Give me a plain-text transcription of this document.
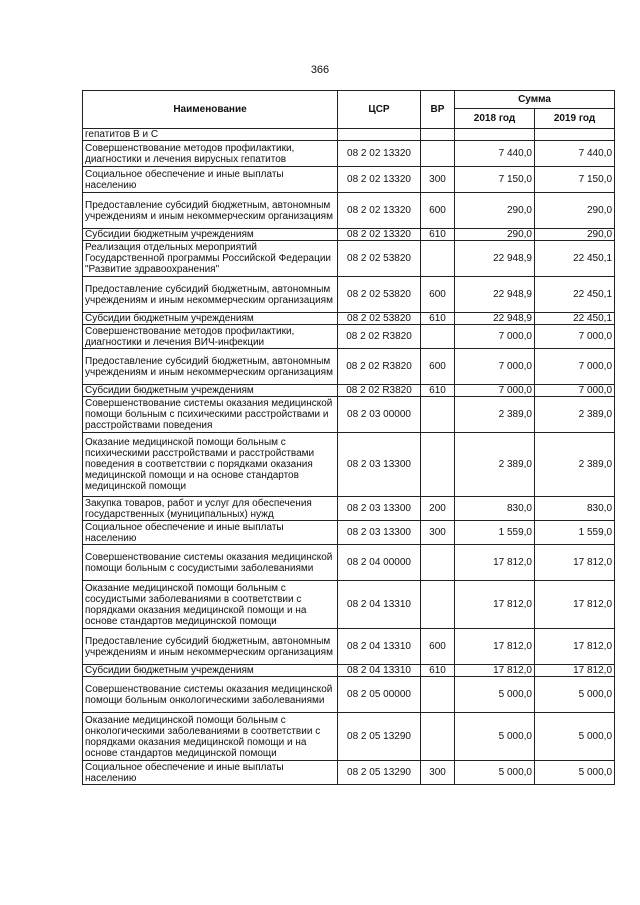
366
Наименование	ЦСР	ВР	Сумма	
			2018 год	2019 год
гепатитов В и С				
Совершенствование методов профилактики, диагностики и лечения вирусных гепатитов	08 2 02 13320		7 440,0	7 440,0
Социальное обеспечение и иные выплаты населению	08 2 02 13320	300	7 150,0	7 150,0
Предоставление субсидий бюджетным, автономным учреждениям и иным некоммерческим организациям	08 2 02 13320	600	290,0	290,0
Субсидии бюджетным учреждениям	08 2 02 13320	610	290,0	290,0
Реализация отдельных мероприятий Государственной программы Российской Федерации "Развитие здравоохранения"	08 2 02 53820		22 948,9	22 450,1
Предоставление субсидий бюджетным, автономным учреждениям и иным некоммерческим организациям	08 2 02 53820	600	22 948,9	22 450,1
Субсидии бюджетным учреждениям	08 2 02 53820	610	22 948,9	22 450,1
Совершенствование методов профилактики, диагностики и лечения ВИЧ-инфекции	08 2 02 R3820		7 000,0	7 000,0
Предоставление субсидий бюджетным, автономным учреждениям и иным некоммерческим организациям	08 2 02 R3820	600	7 000,0	7 000,0
Субсидии бюджетным учреждениям	08 2 02 R3820	610	7 000,0	7 000,0
Совершенствование системы оказания медицинской помощи больным с психическими расстройствами и расстройствами поведения	08 2 03 00000		2 389,0	2 389,0
Оказание медицинской помощи больным с психическими расстройствами и расстройствами поведения в соответствии с порядками оказания медицинской помощи и на основе стандартов медицинской помощи	08 2 03 13300		2 389,0	2 389,0
Закупка товаров, работ и услуг для обеспечения государственных (муниципальных) нужд	08 2 03 13300	200	830,0	830,0
Социальное обеспечение и иные выплаты населению	08 2 03 13300	300	1 559,0	1 559,0
Совершенствование системы оказания медицинской помощи больным с сосудистыми заболеваниями	08 2 04 00000		17 812,0	17 812,0
Оказание медицинской помощи больным с сосудистыми заболеваниями в соответствии с порядками оказания медицинской помощи и на основе стандартов медицинской помощи	08 2 04 13310		17 812,0	17 812,0
Предоставление субсидий бюджетным, автономным учреждениям и иным некоммерческим организациям	08 2 04 13310	600	17 812,0	17 812,0
Субсидии бюджетным учреждениям	08 2 04 13310	610	17 812,0	17 812,0
Совершенствование системы оказания медицинской помощи больным онкологическими заболеваниями	08 2 05 00000		5 000,0	5 000,0
Оказание медицинской помощи больным с онкологическими заболеваниями в соответствии с порядками оказания медицинской помощи и на основе стандартов медицинской помощи	08 2 05 13290		5 000,0	5 000,0
Социальное обеспечение и иные выплаты населению	08 2 05 13290	300	5 000,0	5 000,0
